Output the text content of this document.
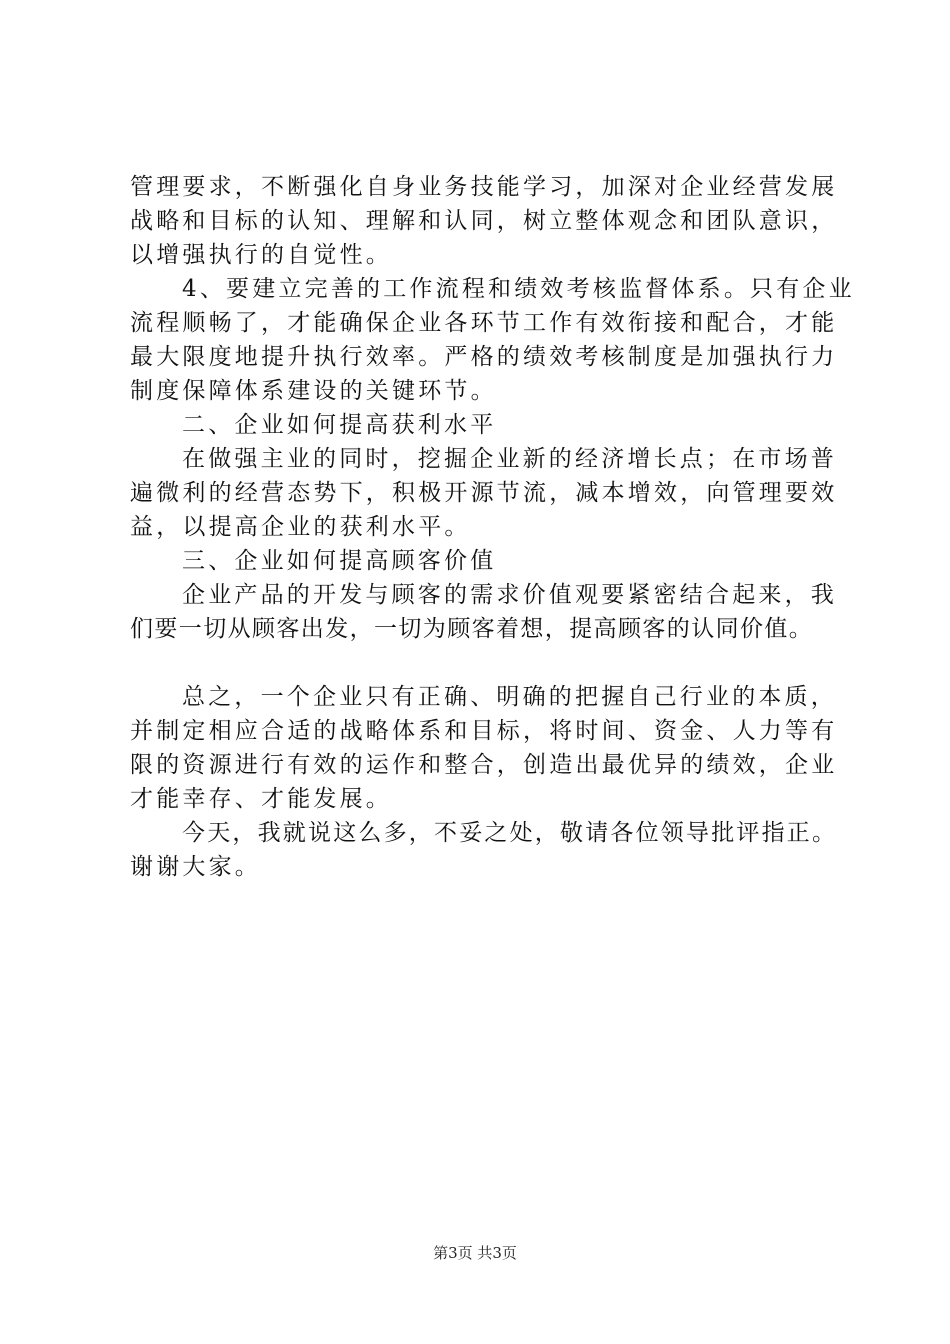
管理要求，不断强化自身业务技能学习，加深对企业经营发展
战略和目标的认知、理解和认同，树立整体观念和团队意识，
以增强执行的自觉性。
4、要建立完善的工作流程和绩效考核监督体系。只有企业
流程顺畅了，才能确保企业各环节工作有效衔接和配合，才能
最大限度地提升执行效率。严格的绩效考核制度是加强执行力
制度保障体系建设的关键环节。
二、企业如何提高获利水平
在做强主业的同时，挖掘企业新的经济增长点；在市场普
遍微利的经营态势下，积极开源节流，减本增效，向管理要效
益，以提高企业的获利水平。
三、企业如何提高顾客价值
企业产品的开发与顾客的需求价值观要紧密结合起来，我
们要一切从顾客出发，一切为顾客着想，提高顾客的认同价值。
总之，一个企业只有正确、明确的把握自己行业的本质，
并制定相应合适的战略体系和目标，将时间、资金、人力等有
限的资源进行有效的运作和整合，创造出最优异的绩效，企业
才能幸存、才能发展。
今天，我就说这么多，不妥之处，敬请各位领导批评指正。
谢谢大家。
第3页 共3页
